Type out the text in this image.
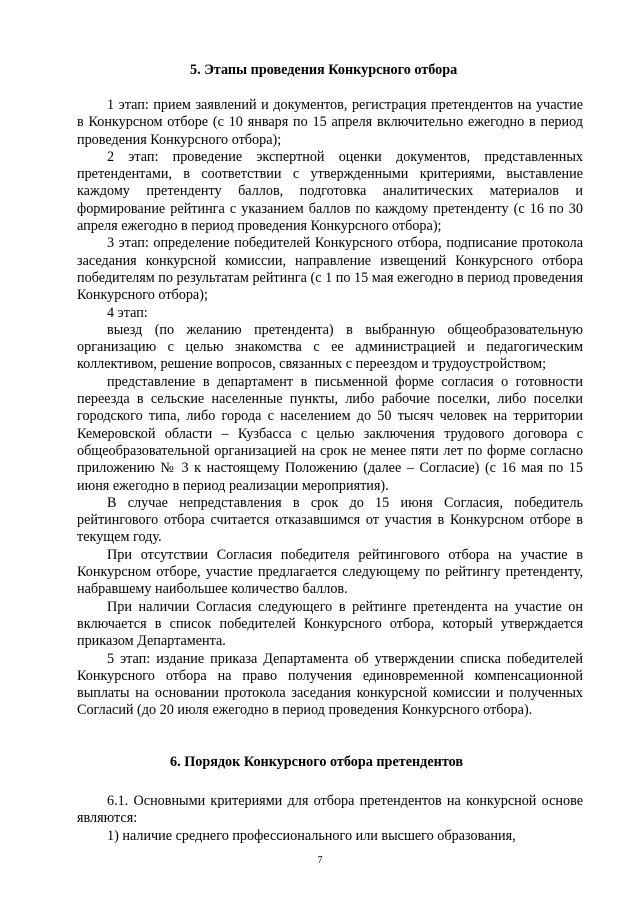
5. Этапы проведения Конкурсного отбора

1 этап: прием заявлений и документов, регистрация претендентов на участие в Конкурсном отборе (с 10 января по 15 апреля включительно ежегодно в период проведения Конкурсного отбора);

2 этап: проведение экспертной оценки документов, представленных претендентами, в соответствии с утвержденными критериями, выставление каждому претенденту баллов, подготовка аналитических материалов и формирование рейтинга с указанием баллов по каждому претенденту (с 16 по 30 апреля ежегодно в период проведения Конкурсного отбора);

3 этап: определение победителей Конкурсного отбора, подписание протокола заседания конкурсной комиссии, направление извещений Конкурсного отбора победителям по результатам рейтинга (с 1 по 15 мая ежегодно в период проведения Конкурсного отбора);

4 этап:

выезд (по желанию претендента) в выбранную общеобразовательную организацию с целью знакомства с ее администрацией и педагогическим коллективом, решение вопросов, связанных с переездом и трудоустройством;

представление в департамент в письменной форме согласия о готовности переезда в сельские населенные пункты, либо рабочие поселки, либо поселки городского типа, либо города с населением до 50 тысяч человек на территории Кемеровской области – Кузбасса с целью заключения трудового договора с общеобразовательной организацией на срок не менее пяти лет по форме согласно приложению № 3 к настоящему Положению (далее – Согласие) (с 16 мая по 15 июня ежегодно в период реализации мероприятия).

В случае непредставления в срок до 15 июня Согласия, победитель рейтингового отбора считается отказавшимся от участия в Конкурсном отборе в текущем году.

При отсутствии Согласия победителя рейтингового отбора на участие в Конкурсном отборе, участие предлагается следующему по рейтингу претенденту, набравшему наибольшее количество баллов.

При наличии Согласия следующего в рейтинге претендента на участие он включается в список победителей Конкурсного отбора, который утверждается приказом Департамента.

5 этап: издание приказа Департамента об утверждении списка победителей Конкурсного отбора на право получения единовременной компенсационной выплаты на основании протокола заседания конкурсной комиссии и полученных Согласий (до 20 июля ежегодно в период проведения Конкурсного отбора).

6. Порядок Конкурсного отбора претендентов

6.1. Основными критериями для отбора претендентов на конкурсной основе являются:

1) наличие среднего профессионального или высшего образования,

7
